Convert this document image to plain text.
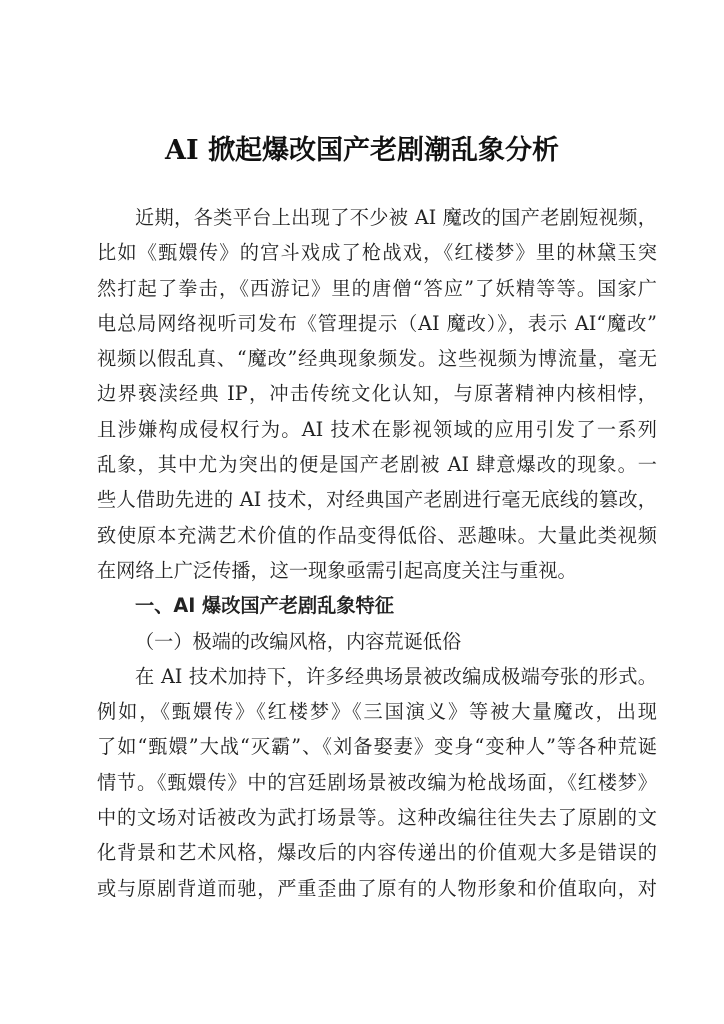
AI 掀起爆改国产老剧潮乱象分析
近期，各类平台上出现了不少被 AI 魔改的国产老剧短视频，
比如《甄嬛传》的宫斗戏成了枪战戏，《红楼梦》里的林黛玉突
然打起了拳击，《西游记》里的唐僧“答应”了妖精等等。国家广
电总局网络视听司发布《管理提示（AI 魔改）》，表示 AI“魔改”
视频以假乱真、“魔改”经典现象频发。这些视频为博流量，毫无
边界亵渎经典 IP，冲击传统文化认知，与原著精神内核相悖，
且涉嫌构成侵权行为。AI 技术在影视领域的应用引发了一系列
乱象，其中尤为突出的便是国产老剧被 AI 肆意爆改的现象。一
些人借助先进的 AI 技术，对经典国产老剧进行毫无底线的篡改，
致使原本充满艺术价值的作品变得低俗、恶趣味。大量此类视频
在网络上广泛传播，这一现象亟需引起高度关注与重视。
一、AI 爆改国产老剧乱象特征
（一）极端的改编风格，内容荒诞低俗
在 AI 技术加持下，许多经典场景被改编成极端夸张的形式。
例如，《甄嬛传》《红楼梦》《三国演义》等被大量魔改，出现
了如“甄嬛”大战“灭霸”、《刘备娶妻》变身“变种人”等各种荒诞
情节。《甄嬛传》中的宫廷剧场景被改编为枪战场面，《红楼梦》
中的文场对话被改为武打场景等。这种改编往往失去了原剧的文
化背景和艺术风格，爆改后的内容传递出的价值观大多是错误的
或与原剧背道而驰，严重歪曲了原有的人物形象和价值取向，对
